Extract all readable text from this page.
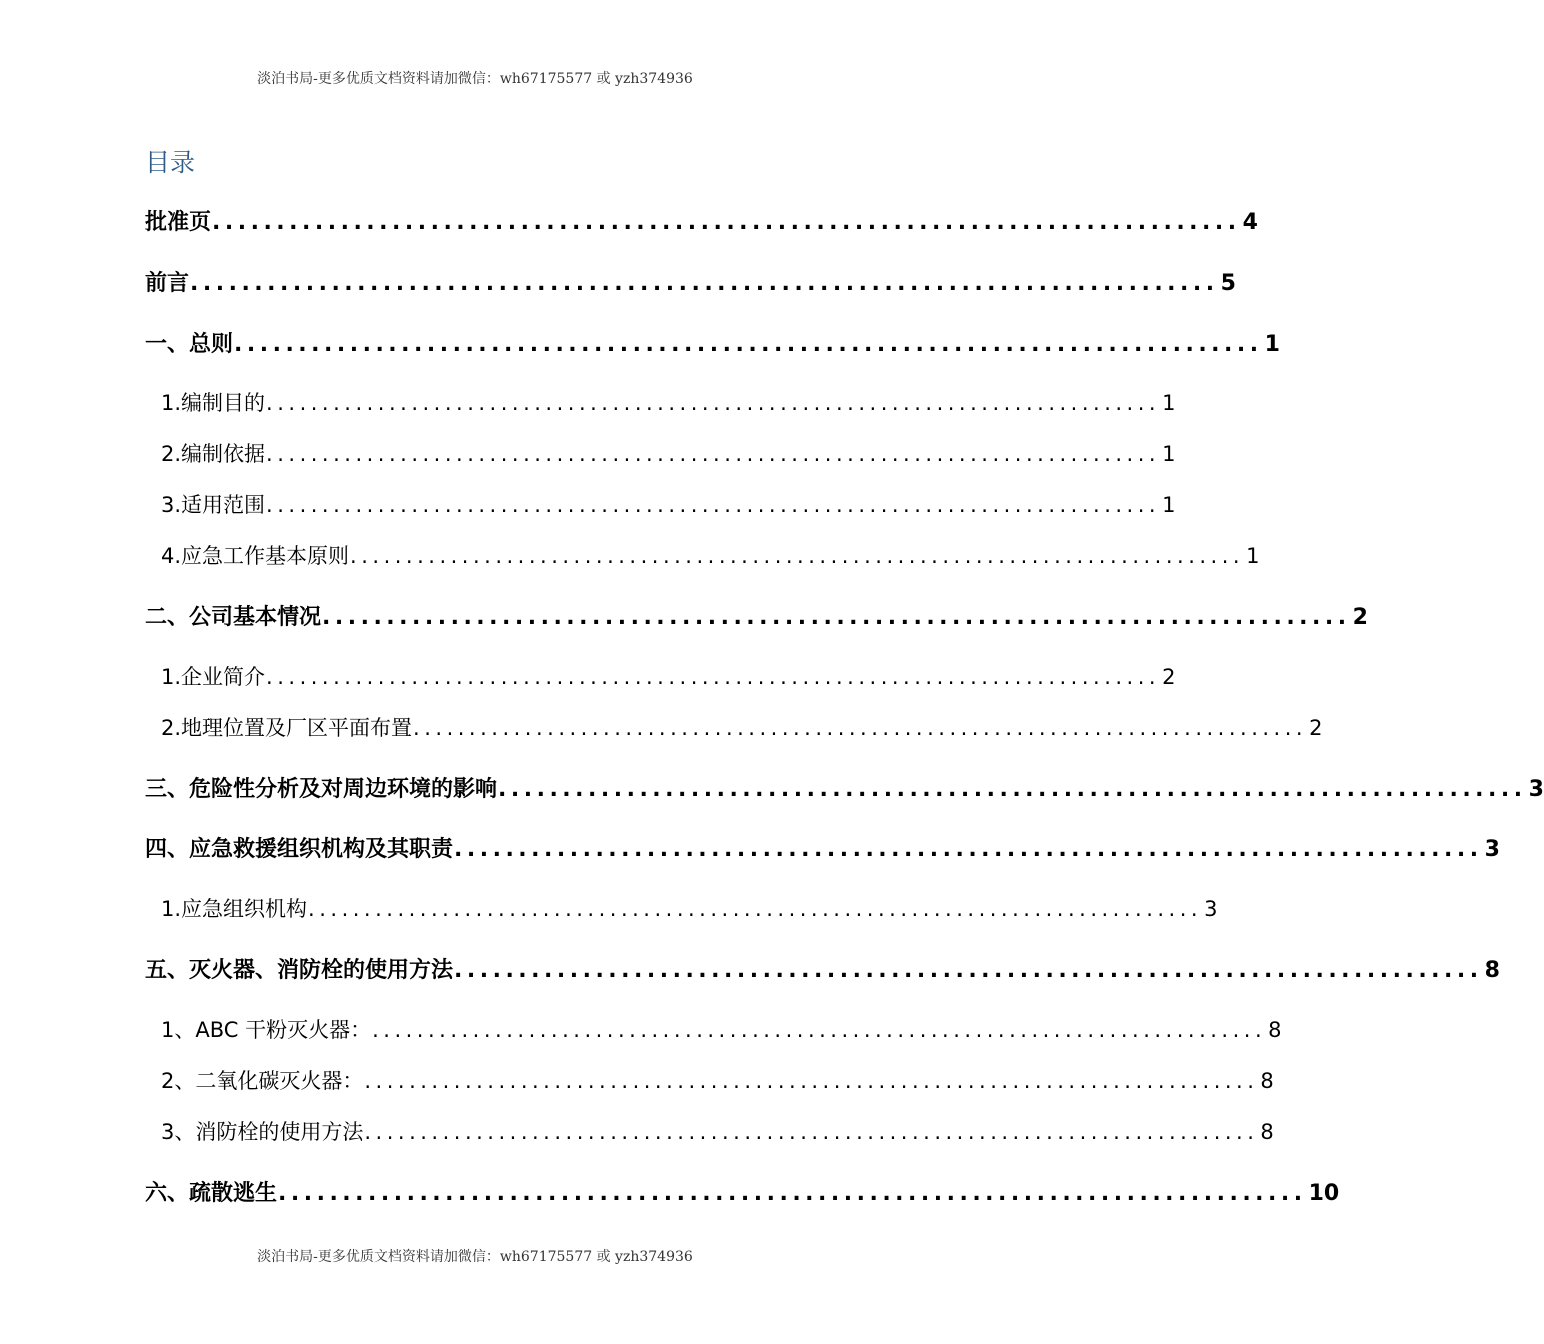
淡泊书局-更多优质文档资料请加微信：wh67175577 或 yzh374936
目录
批准页 ................................................................................ 4
前言 ................................................................................ 5
一、总则 ................................................................................ 1
1.编制目的 ................................................................................ 1
2.编制依据 ................................................................................ 1
3.适用范围 ................................................................................ 1
4.应急工作基本原则 ................................................................................ 1
二、公司基本情况 ................................................................................ 2
1.企业简介 ................................................................................ 2
2.地理位置及厂区平面布置 ................................................................................ 2
三、危险性分析及对周边环境的影响 ................................................................................ 3
四、应急救援组织机构及其职责 ................................................................................ 3
1.应急组织机构 ................................................................................ 3
五、灭火器、消防栓的使用方法 ................................................................................ 8
1、ABC 干粉灭火器： ................................................................................ 8
2、二氧化碳灭火器： ................................................................................ 8
3、消防栓的使用方法 ................................................................................ 8
六、疏散逃生 ................................................................................ 10
淡泊书局-更多优质文档资料请加微信：wh67175577 或 yzh374936
